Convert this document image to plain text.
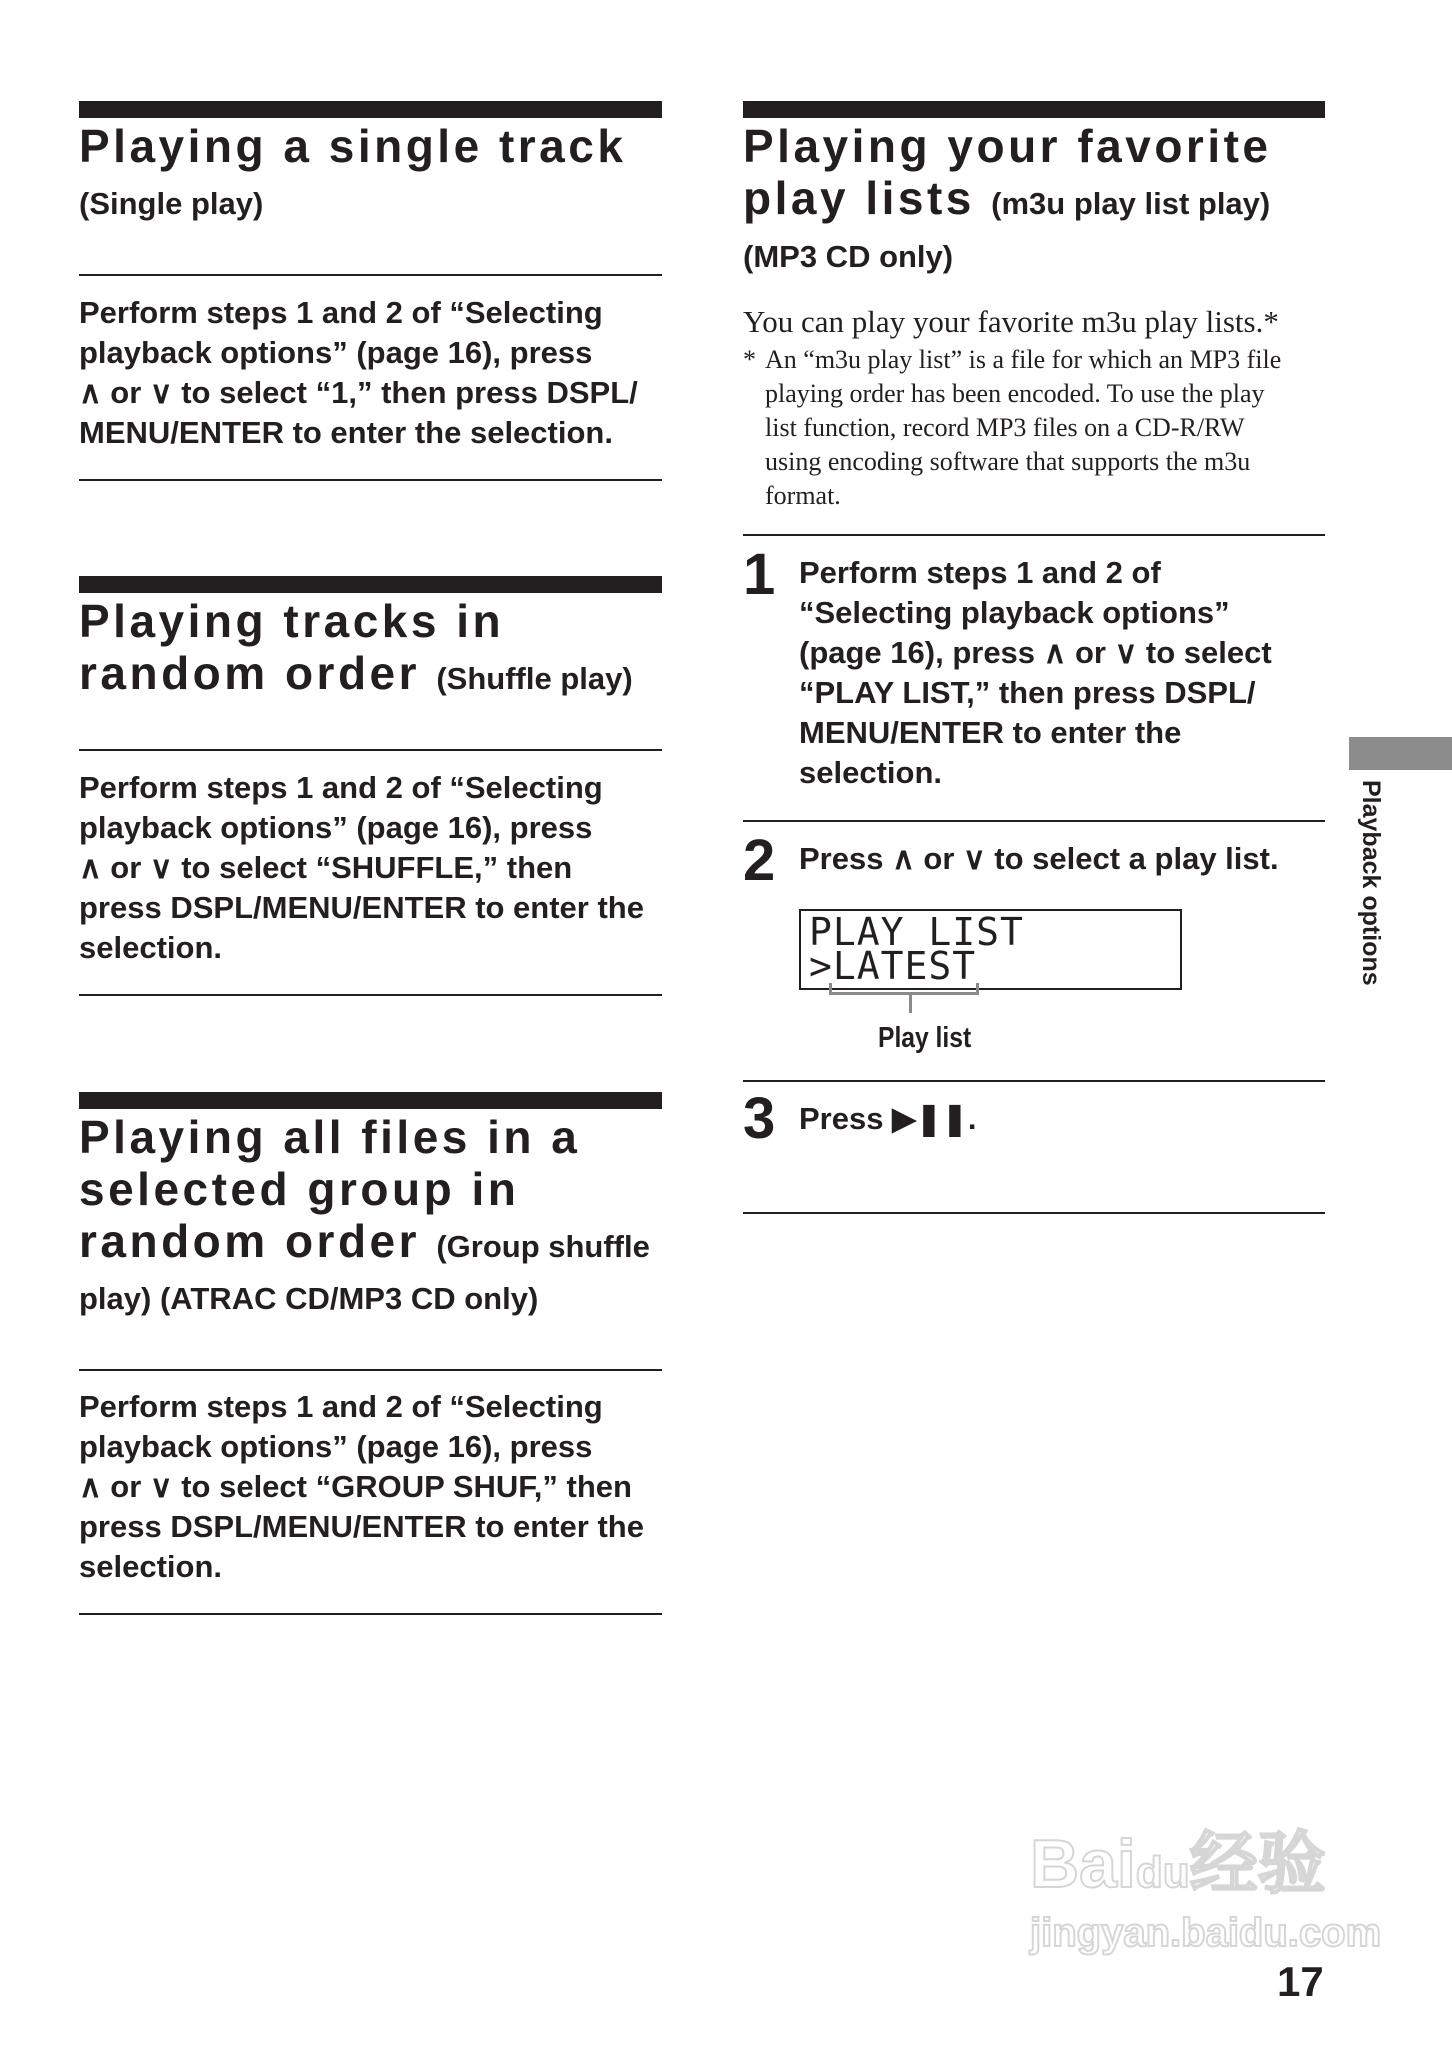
Playing a single track
(Single play)
Perform steps 1 and 2 of “Selecting
playback options” (page 16), press
∧ or ∨ to select “1,” then press DSPL/
MENU/ENTER to enter the selection.
Playing tracks in
random order (Shuffle play)
Perform steps 1 and 2 of “Selecting
playback options” (page 16), press
∧ or ∨ to select “SHUFFLE,” then
press DSPL/MENU/ENTER to enter the
selection.
Playing all files in a
selected group in
random order (Group shuffle
play) (ATRAC CD/MP3 CD only)
Perform steps 1 and 2 of “Selecting
playback options” (page 16), press
∧ or ∨ to select “GROUP SHUF,” then
press DSPL/MENU/ENTER to enter the
selection.
Playing your favorite
play lists (m3u play list play)
(MP3 CD only)
You can play your favorite m3u play lists.*
* An “m3u play list” is a file for which an MP3 file
playing order has been encoded. To use the play
list function, record MP3 files on a CD-R/RW
using encoding software that supports the m3u
format.
1 Perform steps 1 and 2 of
“Selecting playback options”
(page 16), press ∧ or ∨ to select
“PLAY LIST,” then press DSPL/
MENU/ENTER to enter the
selection.
2 Press ∧ or ∨ to select a play list.
PLAY LIST
>LATEST
Play list
3 Press ▶❚❚.
Playback options
Baidu经验
jingyan.baidu.com
17
